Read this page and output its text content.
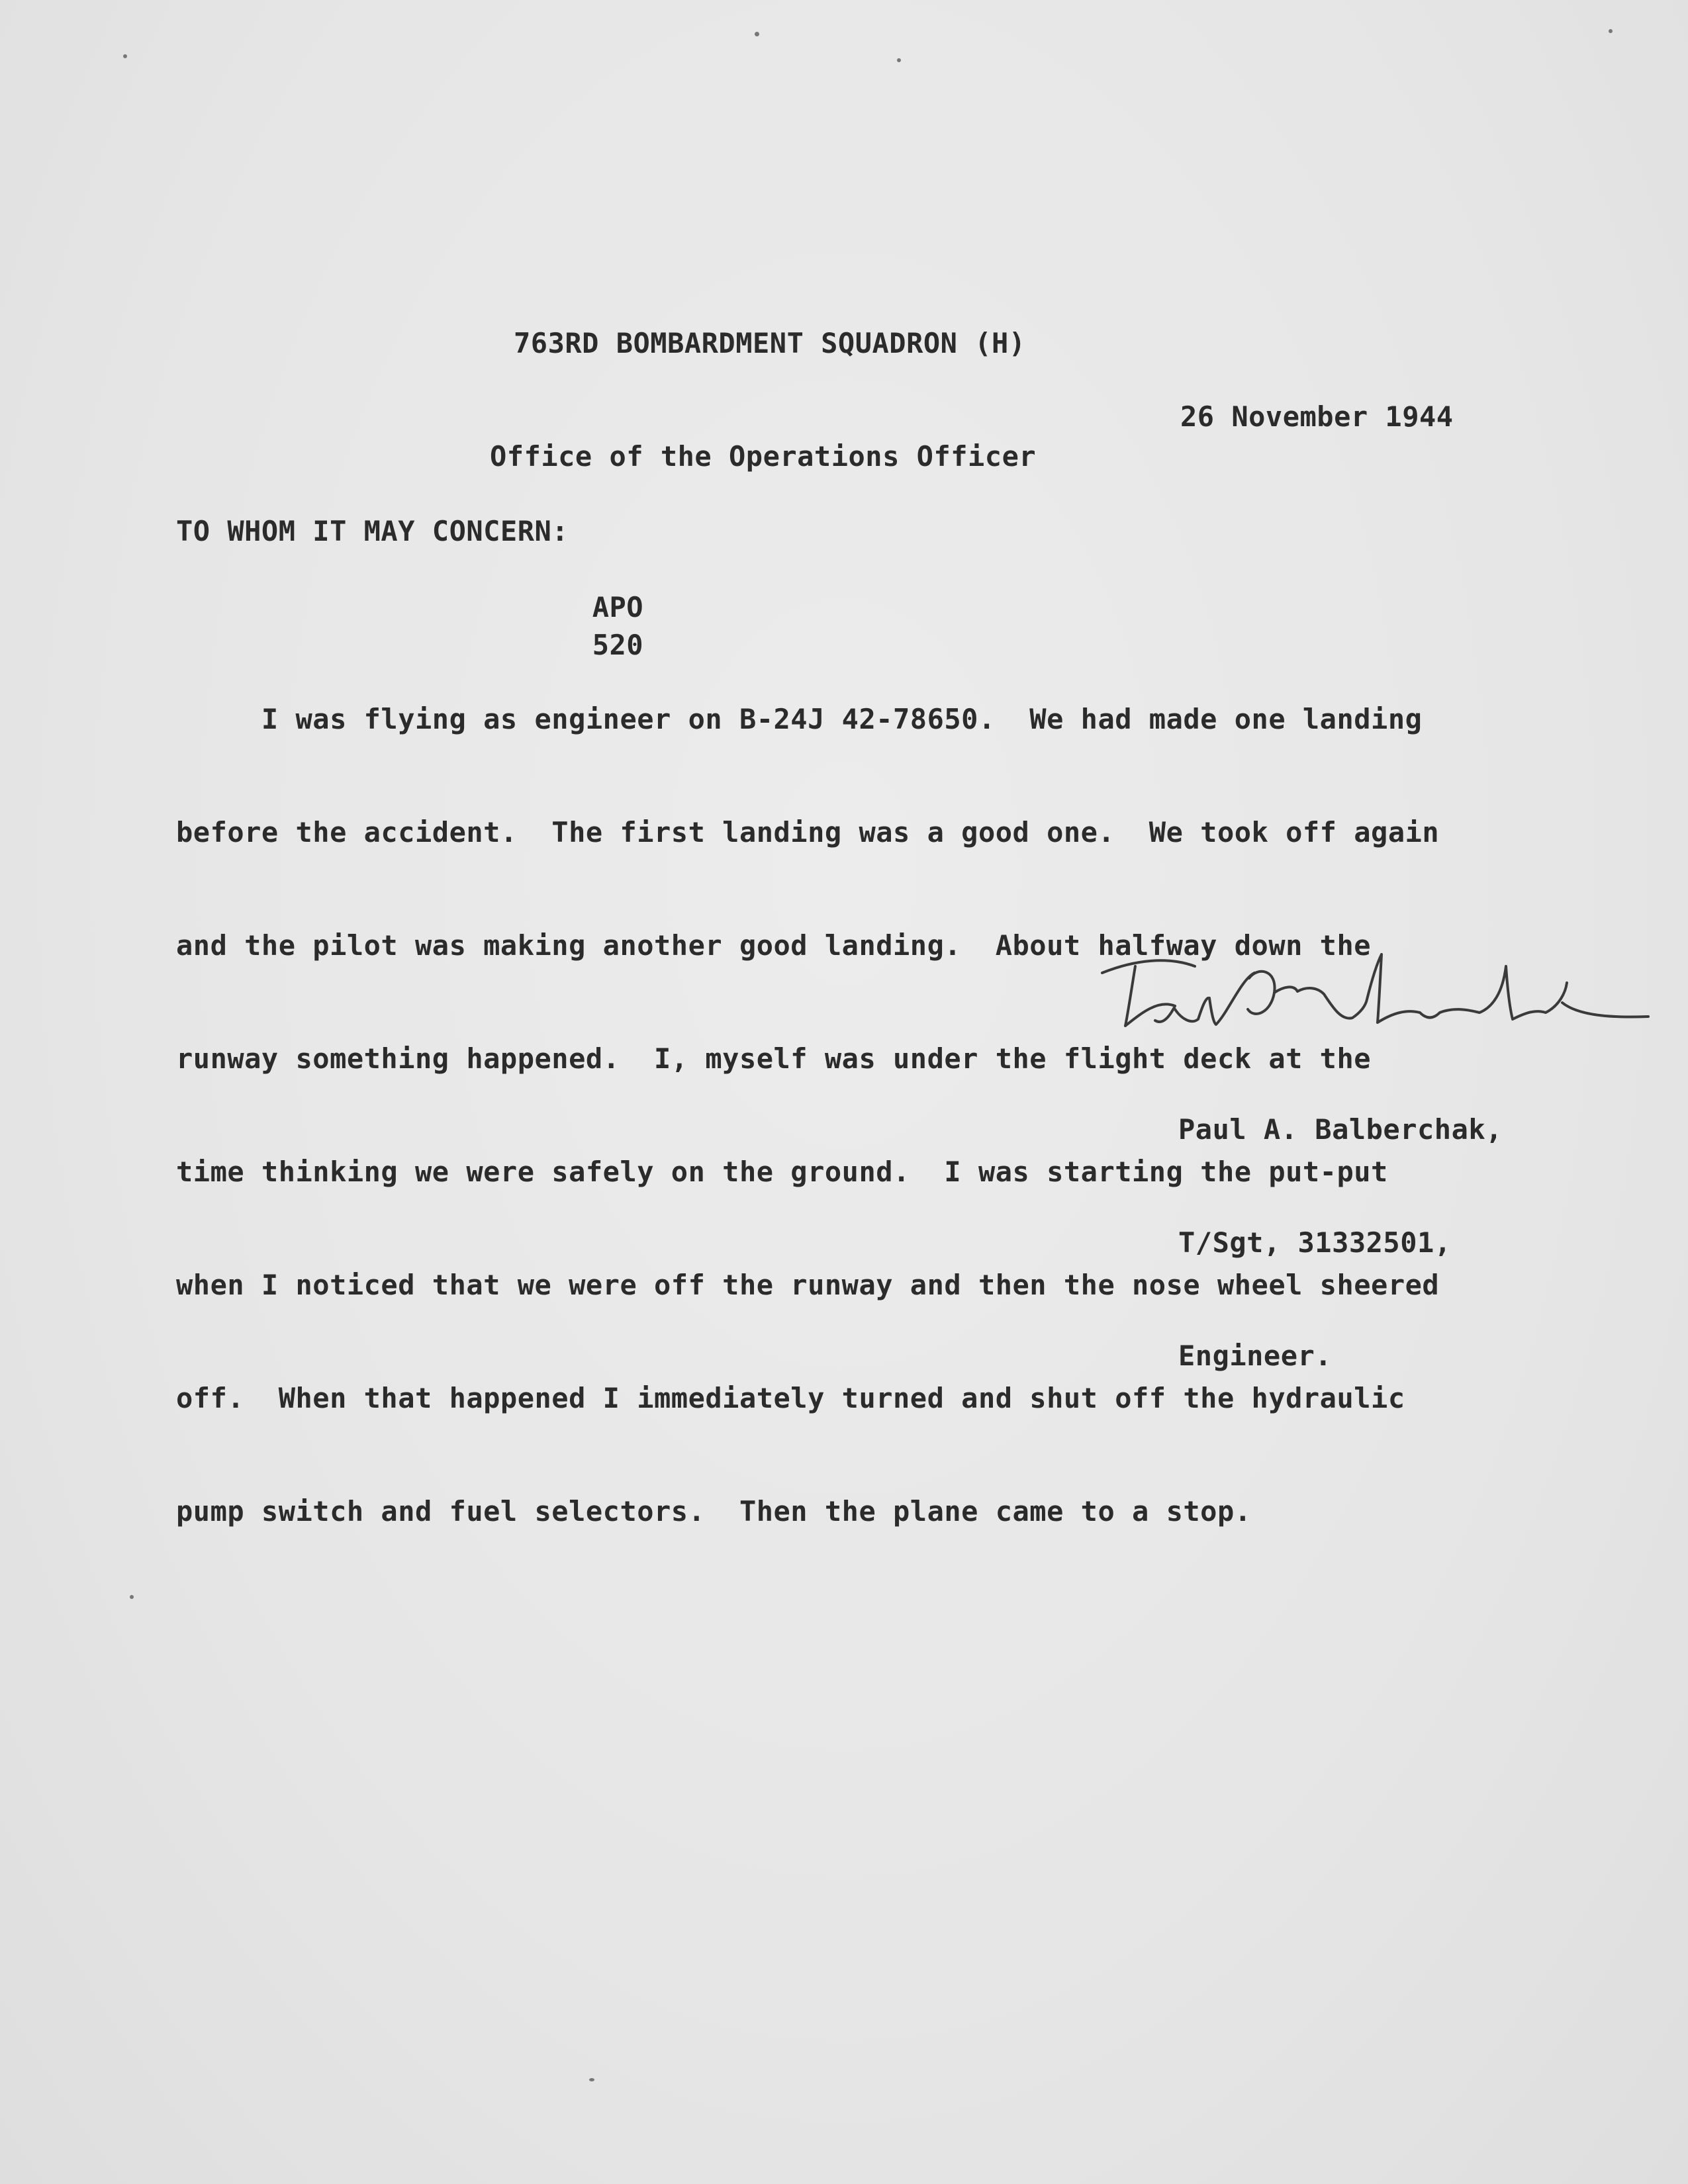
763RD BOMBARDMENT SQUADRON (H)

Office of the Operations Officer

APO
520

26 November 1944
TO WHOM IT MAY CONCERN:

I was flying as engineer on B-24J 42-78650.  We had made one landing

before the accident.  The first landing was a good one.  We took off again

and the pilot was making another good landing.  About halfway down the

runway something happened.  I, myself was under the flight deck at the

time thinking we were safely on the ground.  I was starting the put-put

when I noticed that we were off the runway and then the nose wheel sheered

off.  When that happened I immediately turned and shut off the hydraulic

pump switch and fuel selectors.  Then the plane came to a stop.

Paul A. Balberchak,

T/Sgt, 31332501,

Engineer.
